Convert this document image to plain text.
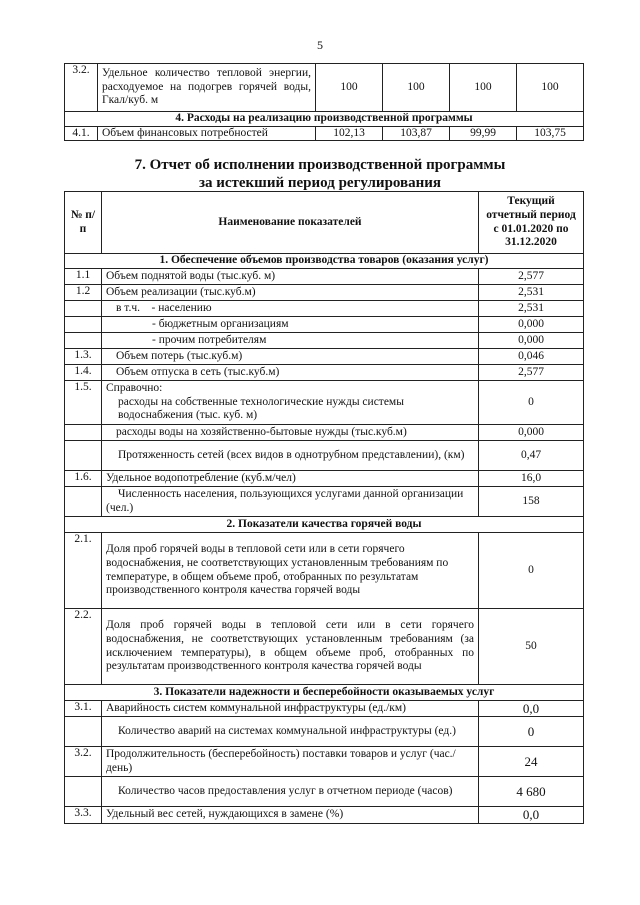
5
3.2.	Удельное количество тепловой энергии, расходуемое на подогрев горячей воды, Гкал/куб. м	100	100	100	100
4. Расходы на реализацию производственной программы					
4.1.	Объем финансовых потребностей	102,13	103,87	99,99	103,75
7. Отчет об исполнении производственной программы
за истекший период регулирования
№ п/п	Наименование показателей	Текущий отчетный период с 01.01.2020 по 31.12.2020
1. Обеспечение объемов производства товаров (оказания услуг)		
1.1	Объем поднятой воды (тыс.куб. м)	2,577
1.2	Объем реализации (тыс.куб.м)	2,531
	в т.ч.    - населению	2,531
	- бюджетным организациям	0,000
	- прочим потребителям	0,000
1.3.	Объем потерь (тыс.куб.м)	0,046
1.4.	Объем отпуска в сеть (тыс.куб.м)	2,577
1.5.	Справочно:
расходы на собственные технологические нужды системы водоснабжения (тыс. куб. м)	0
	расходы воды на хозяйственно-бытовые нужды (тыс.куб.м)	0,000
	Протяженность сетей (всех видов в однотрубном представлении), (км)	0,47
1.6.	Удельное водопотребление (куб.м/чел)	16,0
	Численность населения, пользующихся услугами данной организации (чел.)	158
2. Показатели качества горячей воды		
2.1.	Доля проб горячей воды в тепловой сети или в сети горячего водоснабжения, не соответствующих установленным требованиям по температуре, в общем объеме проб, отобранных по результатам производственного контроля качества горячей воды	0
2.2.	Доля проб горячей воды в тепловой сети или в сети горячего водоснабжения, не соответствующих установленным требованиям (за исключением температуры), в общем объеме проб, отобранных по результатам производственного контроля качества горячей воды	50
3. Показатели надежности и бесперебойности оказываемых услуг		
3.1.	Аварийность систем коммунальной инфраструктуры (ед./км)	0,0
	Количество аварий на системах коммунальной инфраструктуры (ед.)	0
3.2.	Продолжительность (бесперебойность) поставки товаров и услуг (час./день)	24
	Количество часов предоставления услуг в отчетном периоде (часов)	4 680
3.3.	Удельный вес сетей, нуждающихся в замене (%)	0,0
